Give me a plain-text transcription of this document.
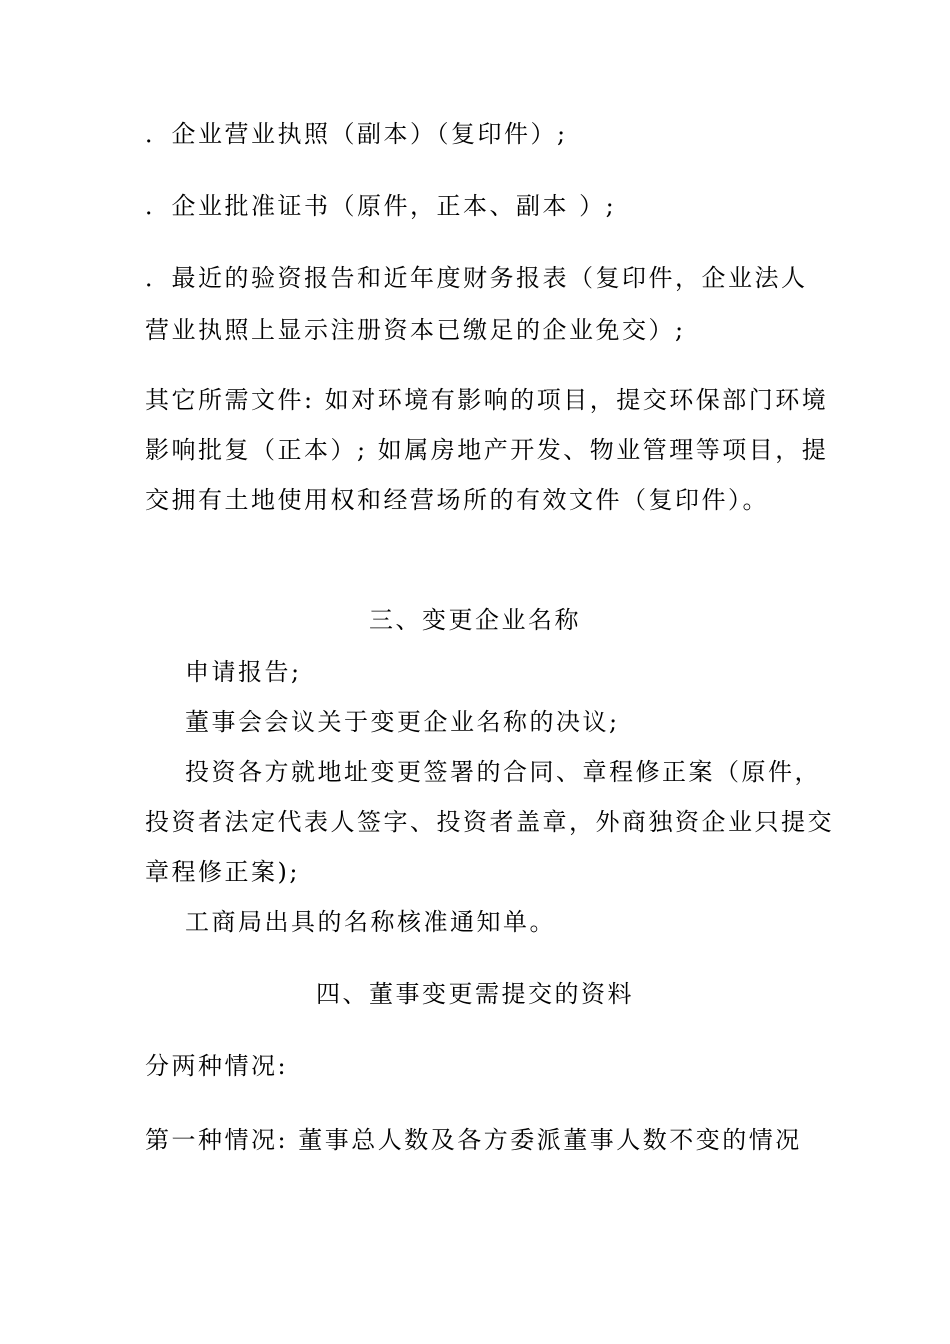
．企业营业执照（副本）（复印件）;
．企业批准证书（原件，正本、副本 ）;
．最近的验资报告和近年度财务报表（复印件，企业法人
营业执照上显示注册资本已缴足的企业免交）;
其它所需文件: 如对环境有影响的项目，提交环保部门环境
影响批复（正本）; 如属房地产开发、物业管理等项目，提
交拥有土地使用权和经营场所的有效文件（复印件）。
三、变更企业名称
申请报告;
董事会会议关于变更企业名称的决议;
投资各方就地址变更签署的合同、章程修正案（原件，
投资者法定代表人签字、投资者盖章，外商独资企业只提交
章程修正案);
工商局出具的名称核准通知单。
四、董事变更需提交的资料
分两种情况:
第一种情况: 董事总人数及各方委派董事人数不变的情况
